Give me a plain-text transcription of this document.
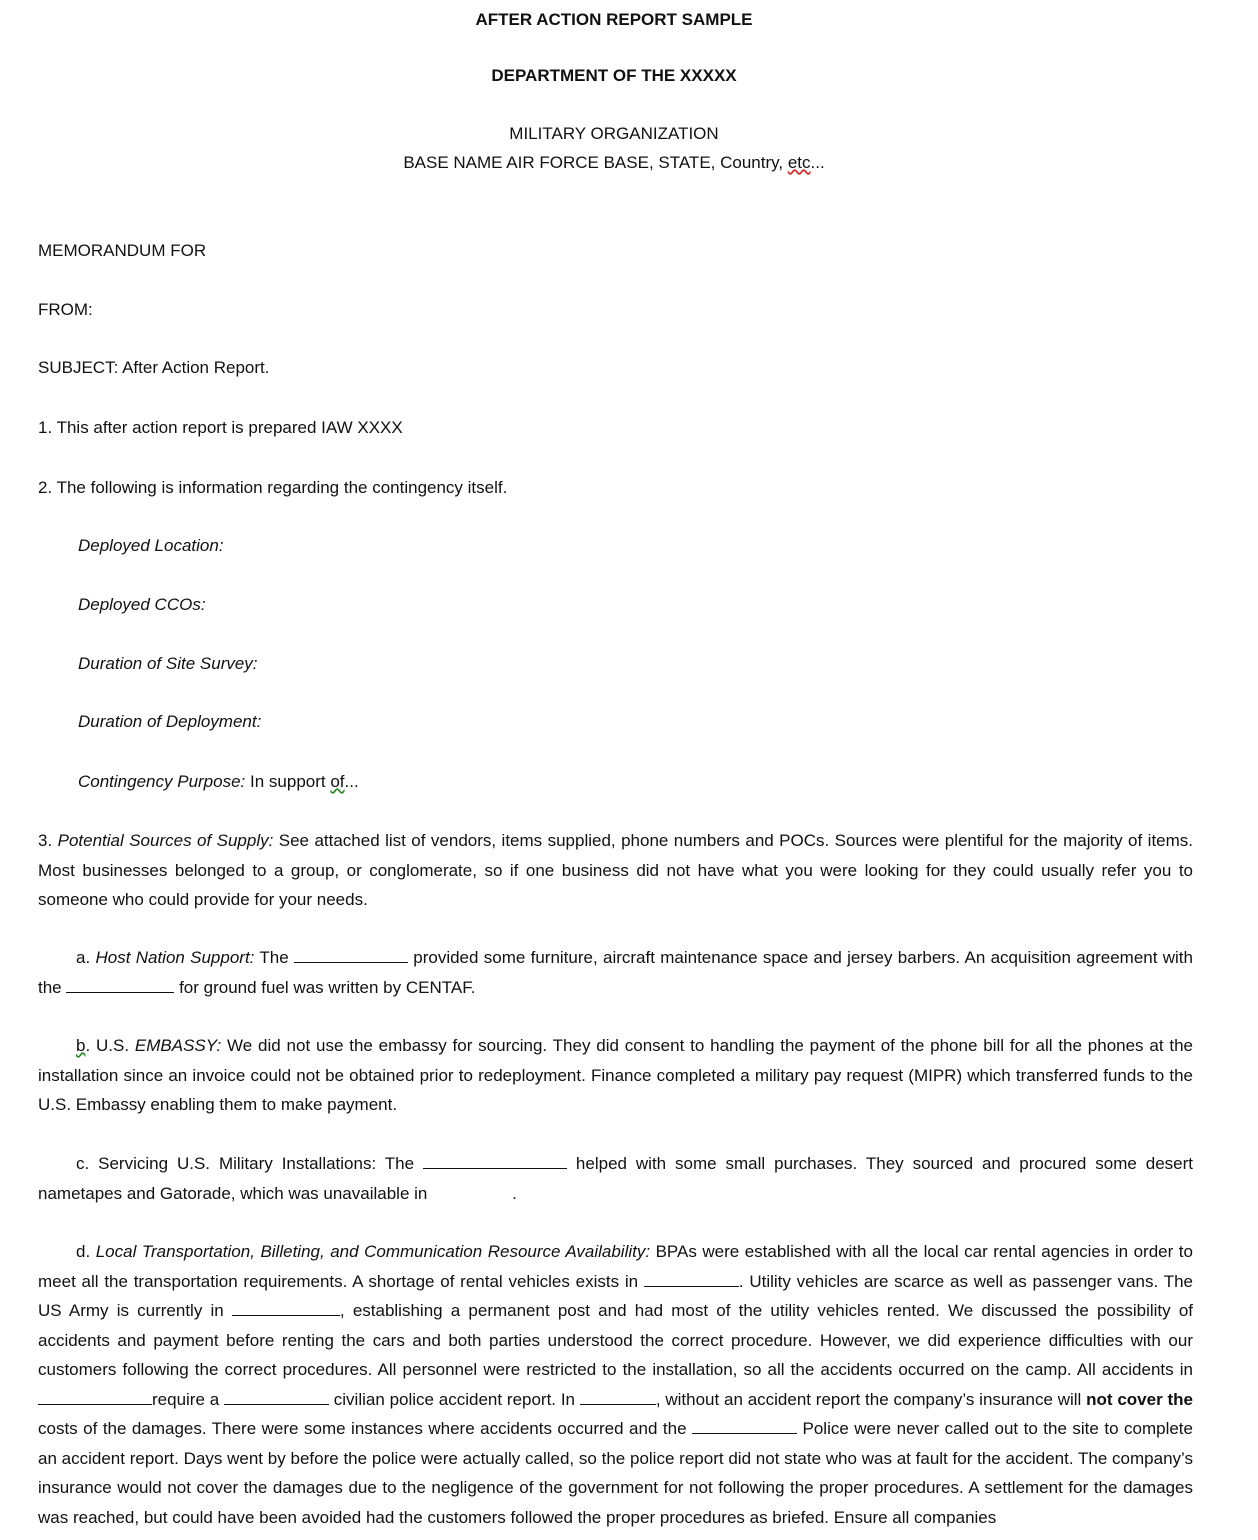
AFTER ACTION REPORT SAMPLE
DEPARTMENT OF THE XXXXX
MILITARY ORGANIZATION
BASE NAME AIR FORCE BASE, STATE, Country, etc...
MEMORANDUM FOR
FROM:
SUBJECT: After Action Report.
1. This after action report is prepared IAW XXXX
2. The following is information regarding the contingency itself.
Deployed Location:
Deployed CCOs:
Duration of Site Survey:
Duration of Deployment:
Contingency Purpose: In support of...

3. Potential Sources of Supply: See attached list of vendors, items supplied, phone numbers and POCs. Sources were plentiful for the majority of items. Most businesses belonged to a group, or conglomerate, so if one business did not have what you were looking for they could usually refer you to someone who could provide for your needs.

a. Host Nation Support: The	provided some furniture, aircraft maintenance space and jersey barbers. An acquisition agreement with the	for ground fuel was written by CENTAF.

b. U.S. EMBASSY: We did not use the embassy for sourcing. They did consent to handling the payment of the phone bill for all the phones at the installation since an invoice could not be obtained prior to redeployment. Finance completed a military pay request (MIPR) which transferred funds to the U.S. Embassy enabling them to make payment.

c. Servicing U.S. Military Installations: The	helped with some small purchases. They sourced and procured some desert nametapes and Gatorade, which was unavailable in	.

d. Local Transportation, Billeting, and Communication Resource Availability: BPAs were established with all the local car rental agencies in order to meet all the transportation requirements. A shortage of rental vehicles exists in	. Utility vehicles are scarce as well as passenger vans. The US Army is currently in	, establishing a permanent post and had most of the utility vehicles rented. We discussed the possibility of accidents and payment before renting the cars and both parties understood the correct procedure. However, we did experience difficulties with our customers following the correct procedures. All personnel were restricted to the installation, so all the accidents occurred on the camp. All accidents in require a	civilian police accident report. In	, without an accident report the company’s insurance will not cover the costs of the damages. There were some instances where accidents occurred and the	Police were never called out to the site to complete an accident report. Days went by before the police were actually called, so the police report did not state who was at fault for the accident. The company’s insurance would not cover the damages due to the negligence of the government for not following the proper procedures. A settlement for the damages was reached, but could have been avoided had the customers followed the proper procedures as briefed. Ensure all companies
